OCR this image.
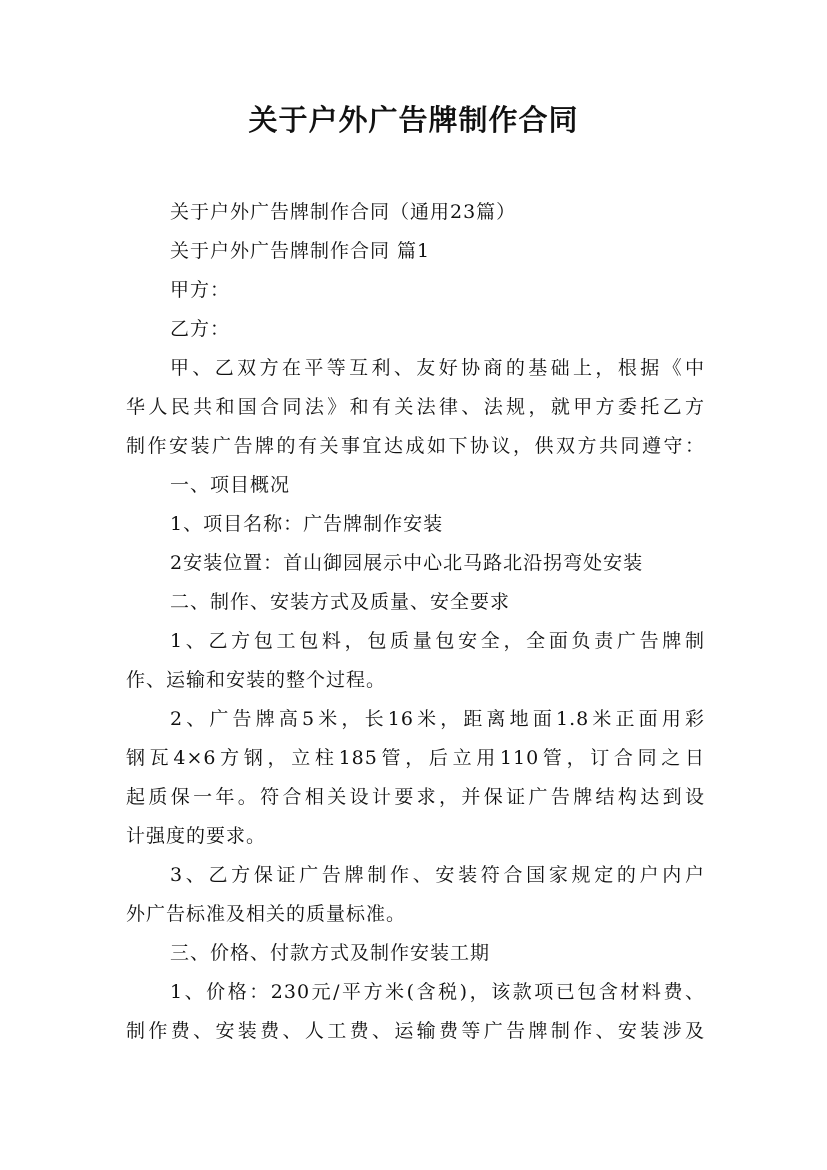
关于户外广告牌制作合同
关于户外广告牌制作合同（通用23篇）
关于户外广告牌制作合同 篇1
甲方：
乙方：
甲、乙双方在平等互利、友好协商的基础上，根据《中
华人民共和国合同法》和有关法律、法规，就甲方委托乙方
制作安装广告牌的有关事宜达成如下协议，供双方共同遵守：
一、项目概况
1、项目名称：广告牌制作安装
2安装位置：首山御园展示中心北马路北沿拐弯处安装
二、制作、安装方式及质量、安全要求
1、乙方包工包料，包质量包安全，全面负责广告牌制
作、运输和安装的整个过程。
2、广告牌高5米，长16米，距离地面1.8米正面用彩
钢瓦4×6方钢，立柱185管，后立用110管，订合同之日
起质保一年。符合相关设计要求，并保证广告牌结构达到设
计强度的要求。
3、乙方保证广告牌制作、安装符合国家规定的户内户
外广告标准及相关的质量标准。
三、价格、付款方式及制作安装工期
1、价格：230元/平方米(含税)，该款项已包含材料费、
制作费、安装费、人工费、运输费等广告牌制作、安装涉及
